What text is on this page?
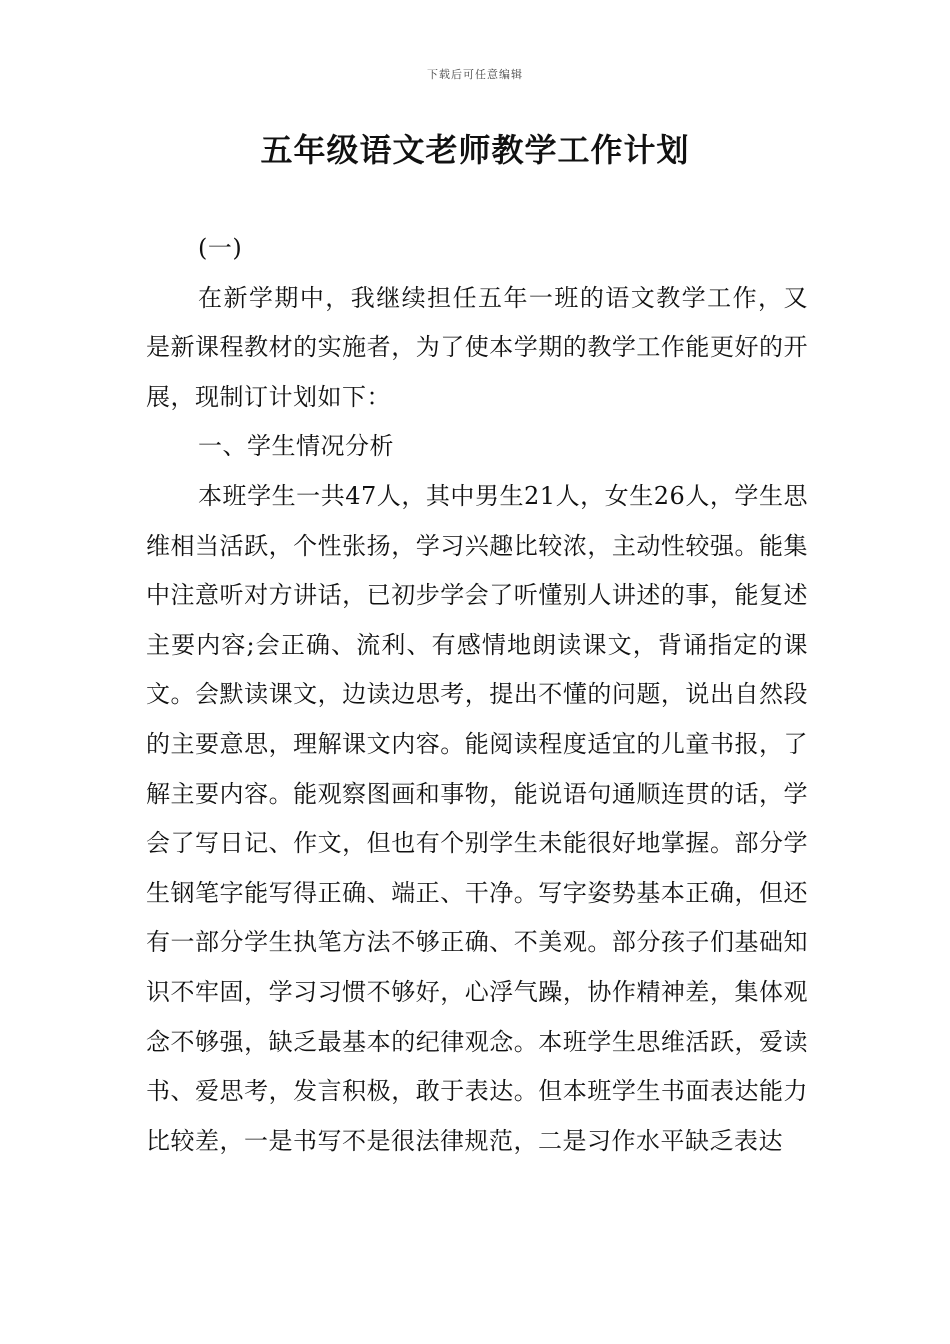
下载后可任意编辑
五年级语文老师教学工作计划

(一)

在新学期中，我继续担任五年一班的语文教学工作，又是新课程教材的实施者，为了使本学期的教学工作能更好的开展，现制订计划如下：

一、学生情况分析

本班学生一共47人，其中男生21人，女生26人，学生思维相当活跃，个性张扬，学习兴趣比较浓，主动性较强。能集中注意听对方讲话，已初步学会了听懂别人讲述的事，能复述主要内容;会正确、流利、有感情地朗读课文，背诵指定的课文。会默读课文，边读边思考，提出不懂的问题，说出自然段的主要意思，理解课文内容。能阅读程度适宜的儿童书报，了解主要内容。能观察图画和事物，能说语句通顺连贯的话，学会了写日记、作文，但也有个别学生未能很好地掌握。部分学生钢笔字能写得正确、端正、干净。写字姿势基本正确，但还有一部分学生执笔方法不够正确、不美观。部分孩子们基础知识不牢固，学习习惯不够好，心浮气躁，协作精神差，集体观念不够强，缺乏最基本的纪律观念。本班学生思维活跃，爱读书、爱思考，发言积极，敢于表达。但本班学生书面表达能力比较差，一是书写不是很法律规范，二是习作水平缺乏表达
